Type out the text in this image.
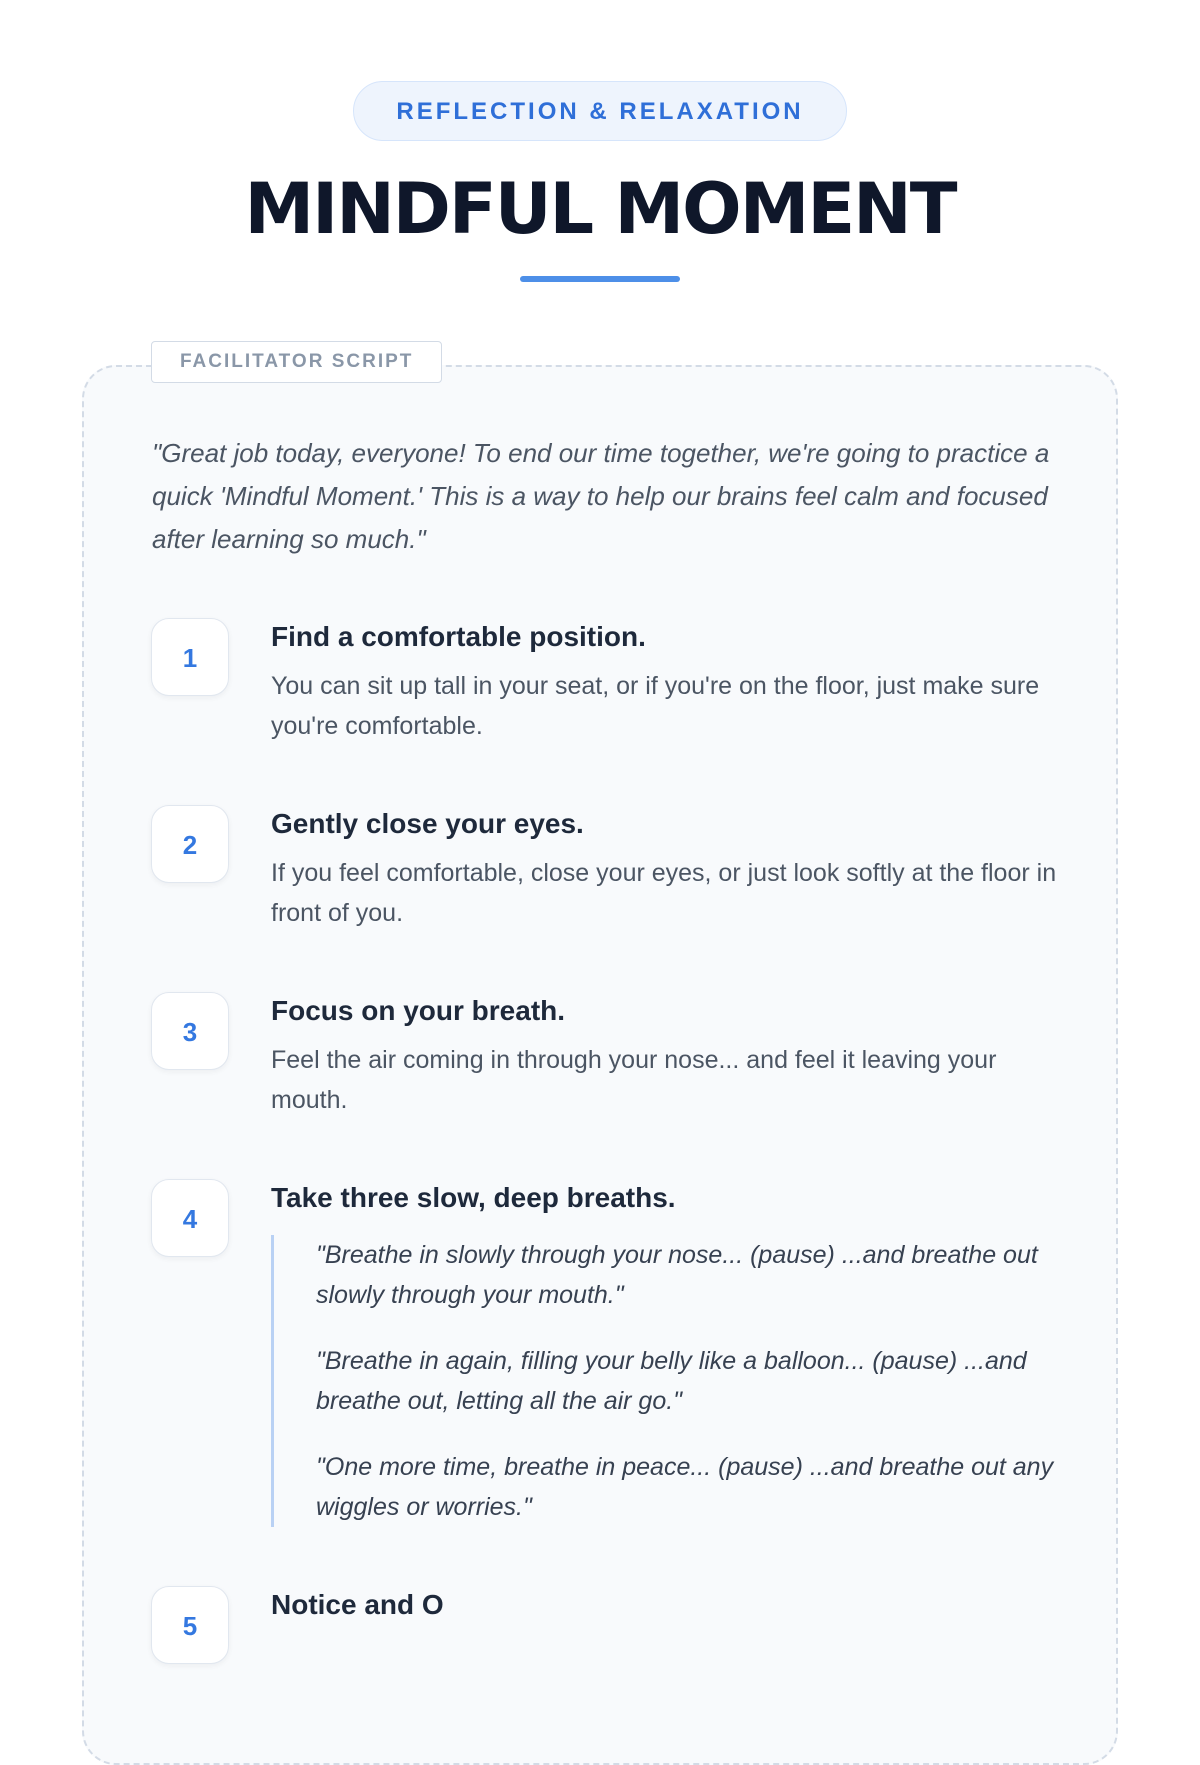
REFLECTION & RELAXATION
MINDFUL MOMENT
FACILITATOR SCRIPT

"Great job today, everyone! To end our time together, we're going to practice a quick 'Mindful Moment.' This is a way to help our brains feel calm and focused after learning so much."

1
Find a comfortable position.

You can sit up tall in your seat, or if you're on the floor, just make sure you're comfortable.

2
Gently close your eyes.

If you feel comfortable, close your eyes, or just look softly at the floor in front of you.

3
Focus on your breath.

Feel the air coming in through your nose... and feel it leaving your mouth.

4
Take three slow, deep breaths.

"Breathe in slowly through your nose... (pause) ...and breathe out slowly through your mouth."

"Breathe in again, filling your belly like a balloon... (pause) ...and breathe out, letting all the air go."

"One more time, breathe in peace... (pause) ...and breathe out any wiggles or worries."

5
Notice and O
